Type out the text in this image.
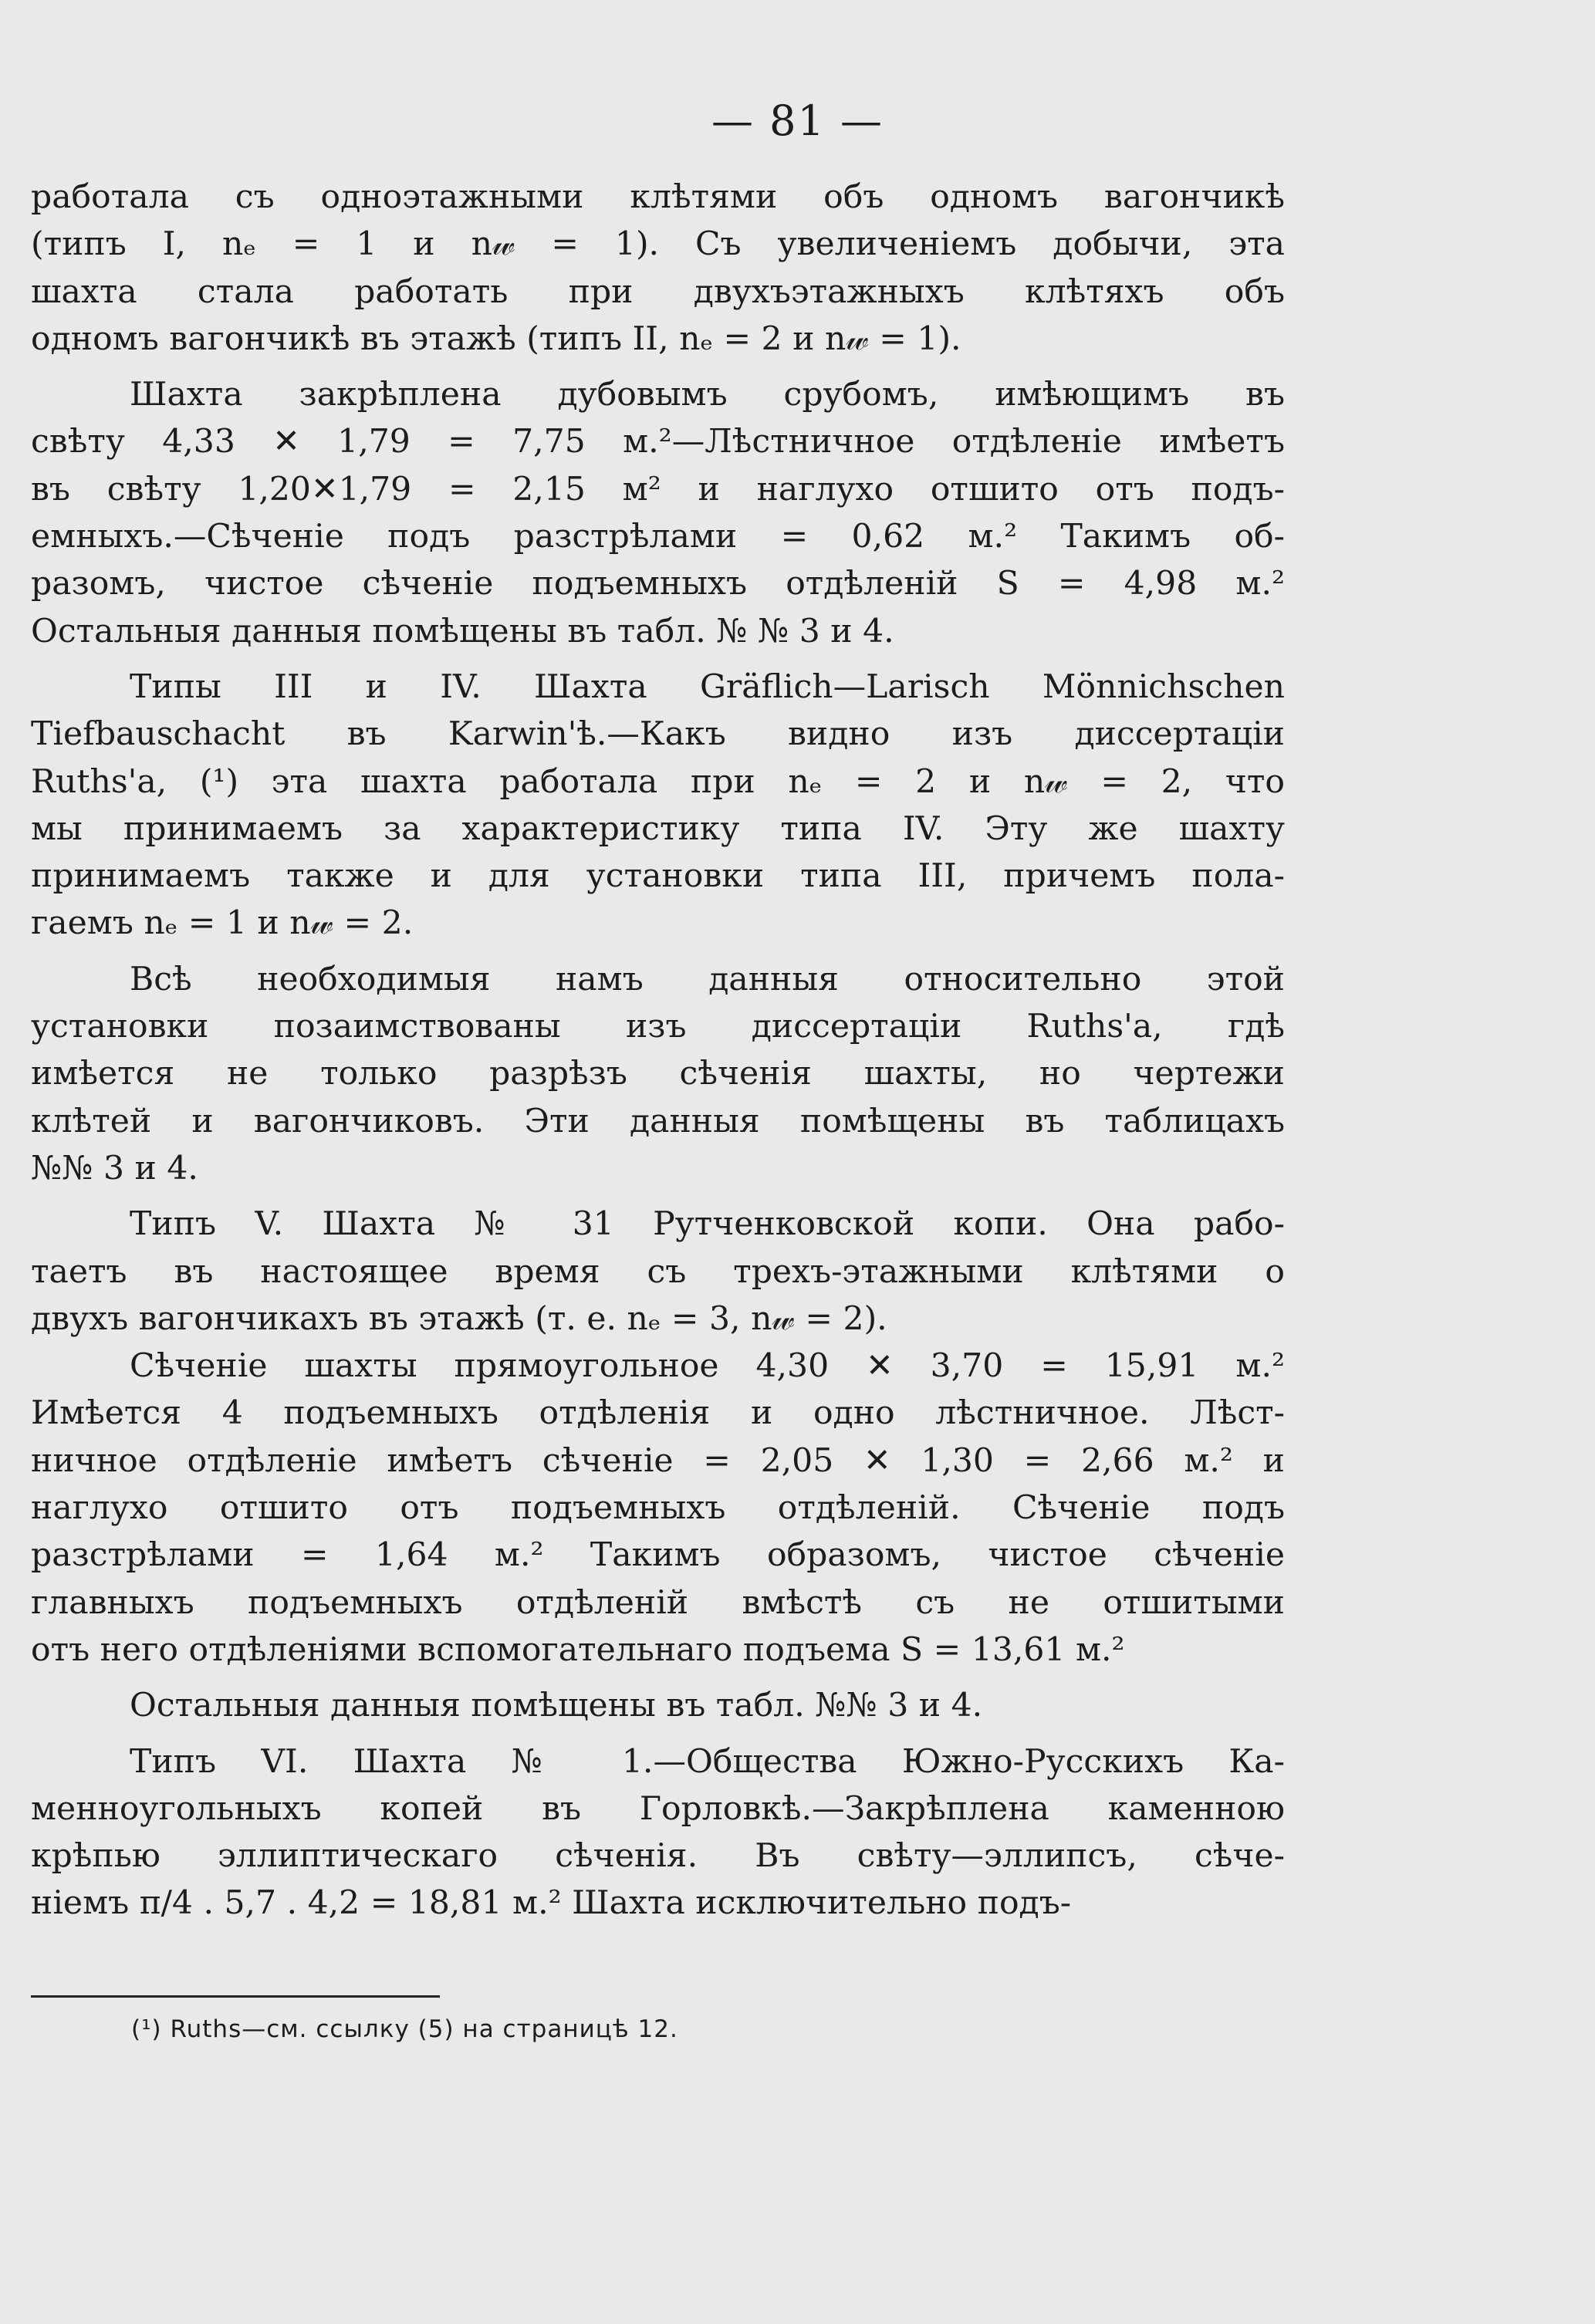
— 81 —

работала съ одноэтажными клѣтями объ одномъ вагончикѣ

(типъ I, nₑ = 1 и n𝓌 = 1). Съ увеличеніемъ добычи, эта

шахта стала работать при двухъэтажныхъ клѣтяхъ объ

одномъ вагончикѣ въ этажѣ (типъ II, nₑ = 2 и n𝓌 = 1).

Шахта закрѣплена дубовымъ срубомъ, имѣющимъ въ

свѣту 4,33 ✕ 1,79 = 7,75 м.²—Лѣстничное отдѣленіе имѣетъ

въ свѣту 1,20✕1,79 = 2,15 м² и наглухо отшито отъ подъ-

емныхъ.—Сѣченіе подъ разстрѣлами = 0,62 м.² Такимъ об-

разомъ, чистое сѣченіе подъемныхъ отдѣленій S = 4,98 м.²

Остальныя данныя помѣщены въ табл. № № 3 и 4.

Типы III и IV. Шахта Gräflich—Larisch Mönnichschen

Tiefbauschacht въ Karwin'ѣ.—Какъ видно изъ диссертаціи

Ruths'а, (¹) эта шахта работала при nₑ = 2 и n𝓌 = 2, что

мы принимаемъ за характеристику типа IV. Эту же шахту

принимаемъ также и для установки типа III, причемъ пола-

гаемъ nₑ = 1 и n𝓌 = 2.

Всѣ необходимыя намъ данныя относительно этой

установки позаимствованы изъ диссертаціи Ruths'а, гдѣ

имѣется не только разрѣзъ сѣченія шахты, но чертежи

клѣтей и вагончиковъ. Эти данныя помѣщены въ таблицахъ

№№ 3 и 4.

Типъ V. Шахта № 31 Рутченковской копи. Она рабо-

таетъ въ настоящее время съ трехъ-этажными клѣтями о

двухъ вагончикахъ въ этажѣ (т. е. nₑ = 3, n𝓌 = 2).

Сѣченіе шахты прямоугольное 4,30 ✕ 3,70 = 15,91 м.²

Имѣется 4 подъемныхъ отдѣленія и одно лѣстничное. Лѣст-

ничное отдѣленіе имѣетъ сѣченіе = 2,05 ✕ 1,30 = 2,66 м.² и

наглухо отшито отъ подъемныхъ отдѣленій. Сѣченіе подъ

разстрѣлами = 1,64 м.² Такимъ образомъ, чистое сѣченіе

главныхъ подъемныхъ отдѣленій вмѣстѣ съ не отшитыми

отъ него отдѣленіями вспомогательнаго подъема S = 13,61 м.²

Остальныя данныя помѣщены въ табл. №№ 3 и 4.

Типъ VI. Шахта № 1.—Общества Южно-Русскихъ Ка-

менноугольныхъ копей въ Горловкѣ.—Закрѣплена каменною

крѣпью эллиптическаго сѣченія. Въ свѣту—эллипсъ, сѣче-

ніемъ π/4 . 5,7 . 4,2 = 18,81 м.² Шахта исключительно подъ-

(¹) Ruths—см. ссылку (5) на страницѣ 12.
